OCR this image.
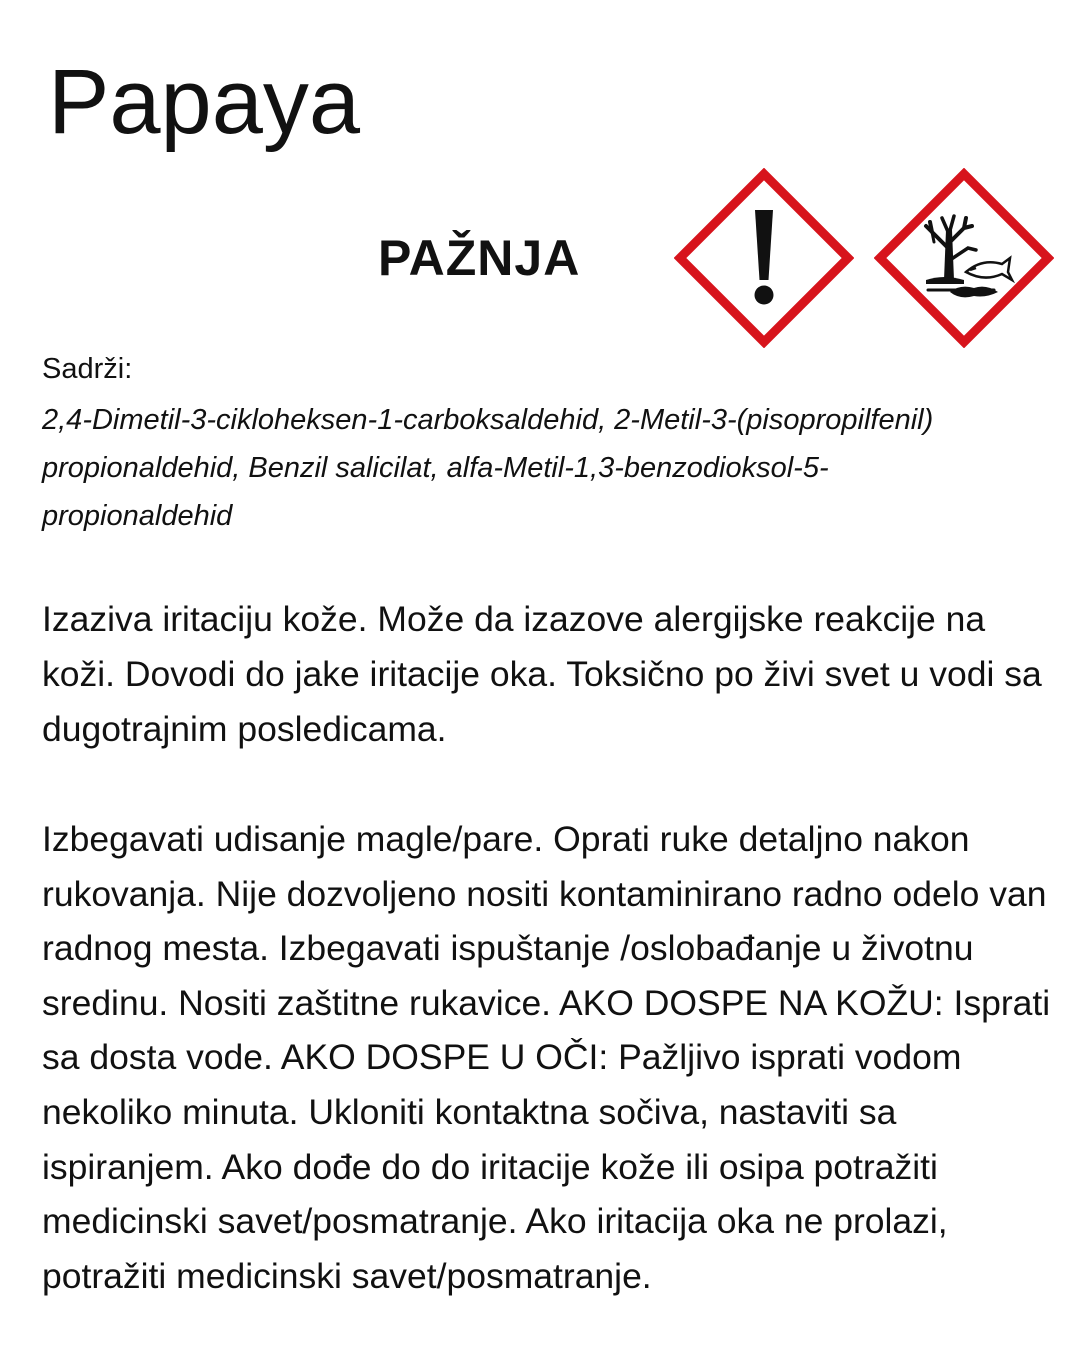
Papaya
PAŽNJA
Sadrži:

2,4-Dimetil-3-cikloheksen-1-carboksaldehid, 2-Metil-3-(pisopropilfenil) propionaldehid, Benzil salicilat, alfa-Metil-1,3-benzodioksol-5-propionaldehid

Izaziva iritaciju kože. Može da izazove alergijske reakcije na koži. Dovodi do jake iritacije oka. Toksično po živi svet u vodi sa dugotrajnim posledicama.

Izbegavati udisanje magle/pare. Oprati ruke detaljno nakon rukovanja. Nije dozvoljeno nositi kontaminirano radno odelo van radnog mesta. Izbegavati ispuštanje /oslobađanje u životnu sredinu. Nositi zaštitne rukavice. AKO DOSPE NA KOŽU: Isprati sa dosta vode. AKO DOSPE U OČI: Pažljivo isprati vodom nekoliko minuta. Ukloniti kontaktna sočiva, nastaviti sa ispiranjem. Ako dođe do do iritacije kože ili osipa potražiti medicinski savet/posmatranje. Ako iritacija oka ne prolazi, potražiti medicinski savet/posmatranje.
